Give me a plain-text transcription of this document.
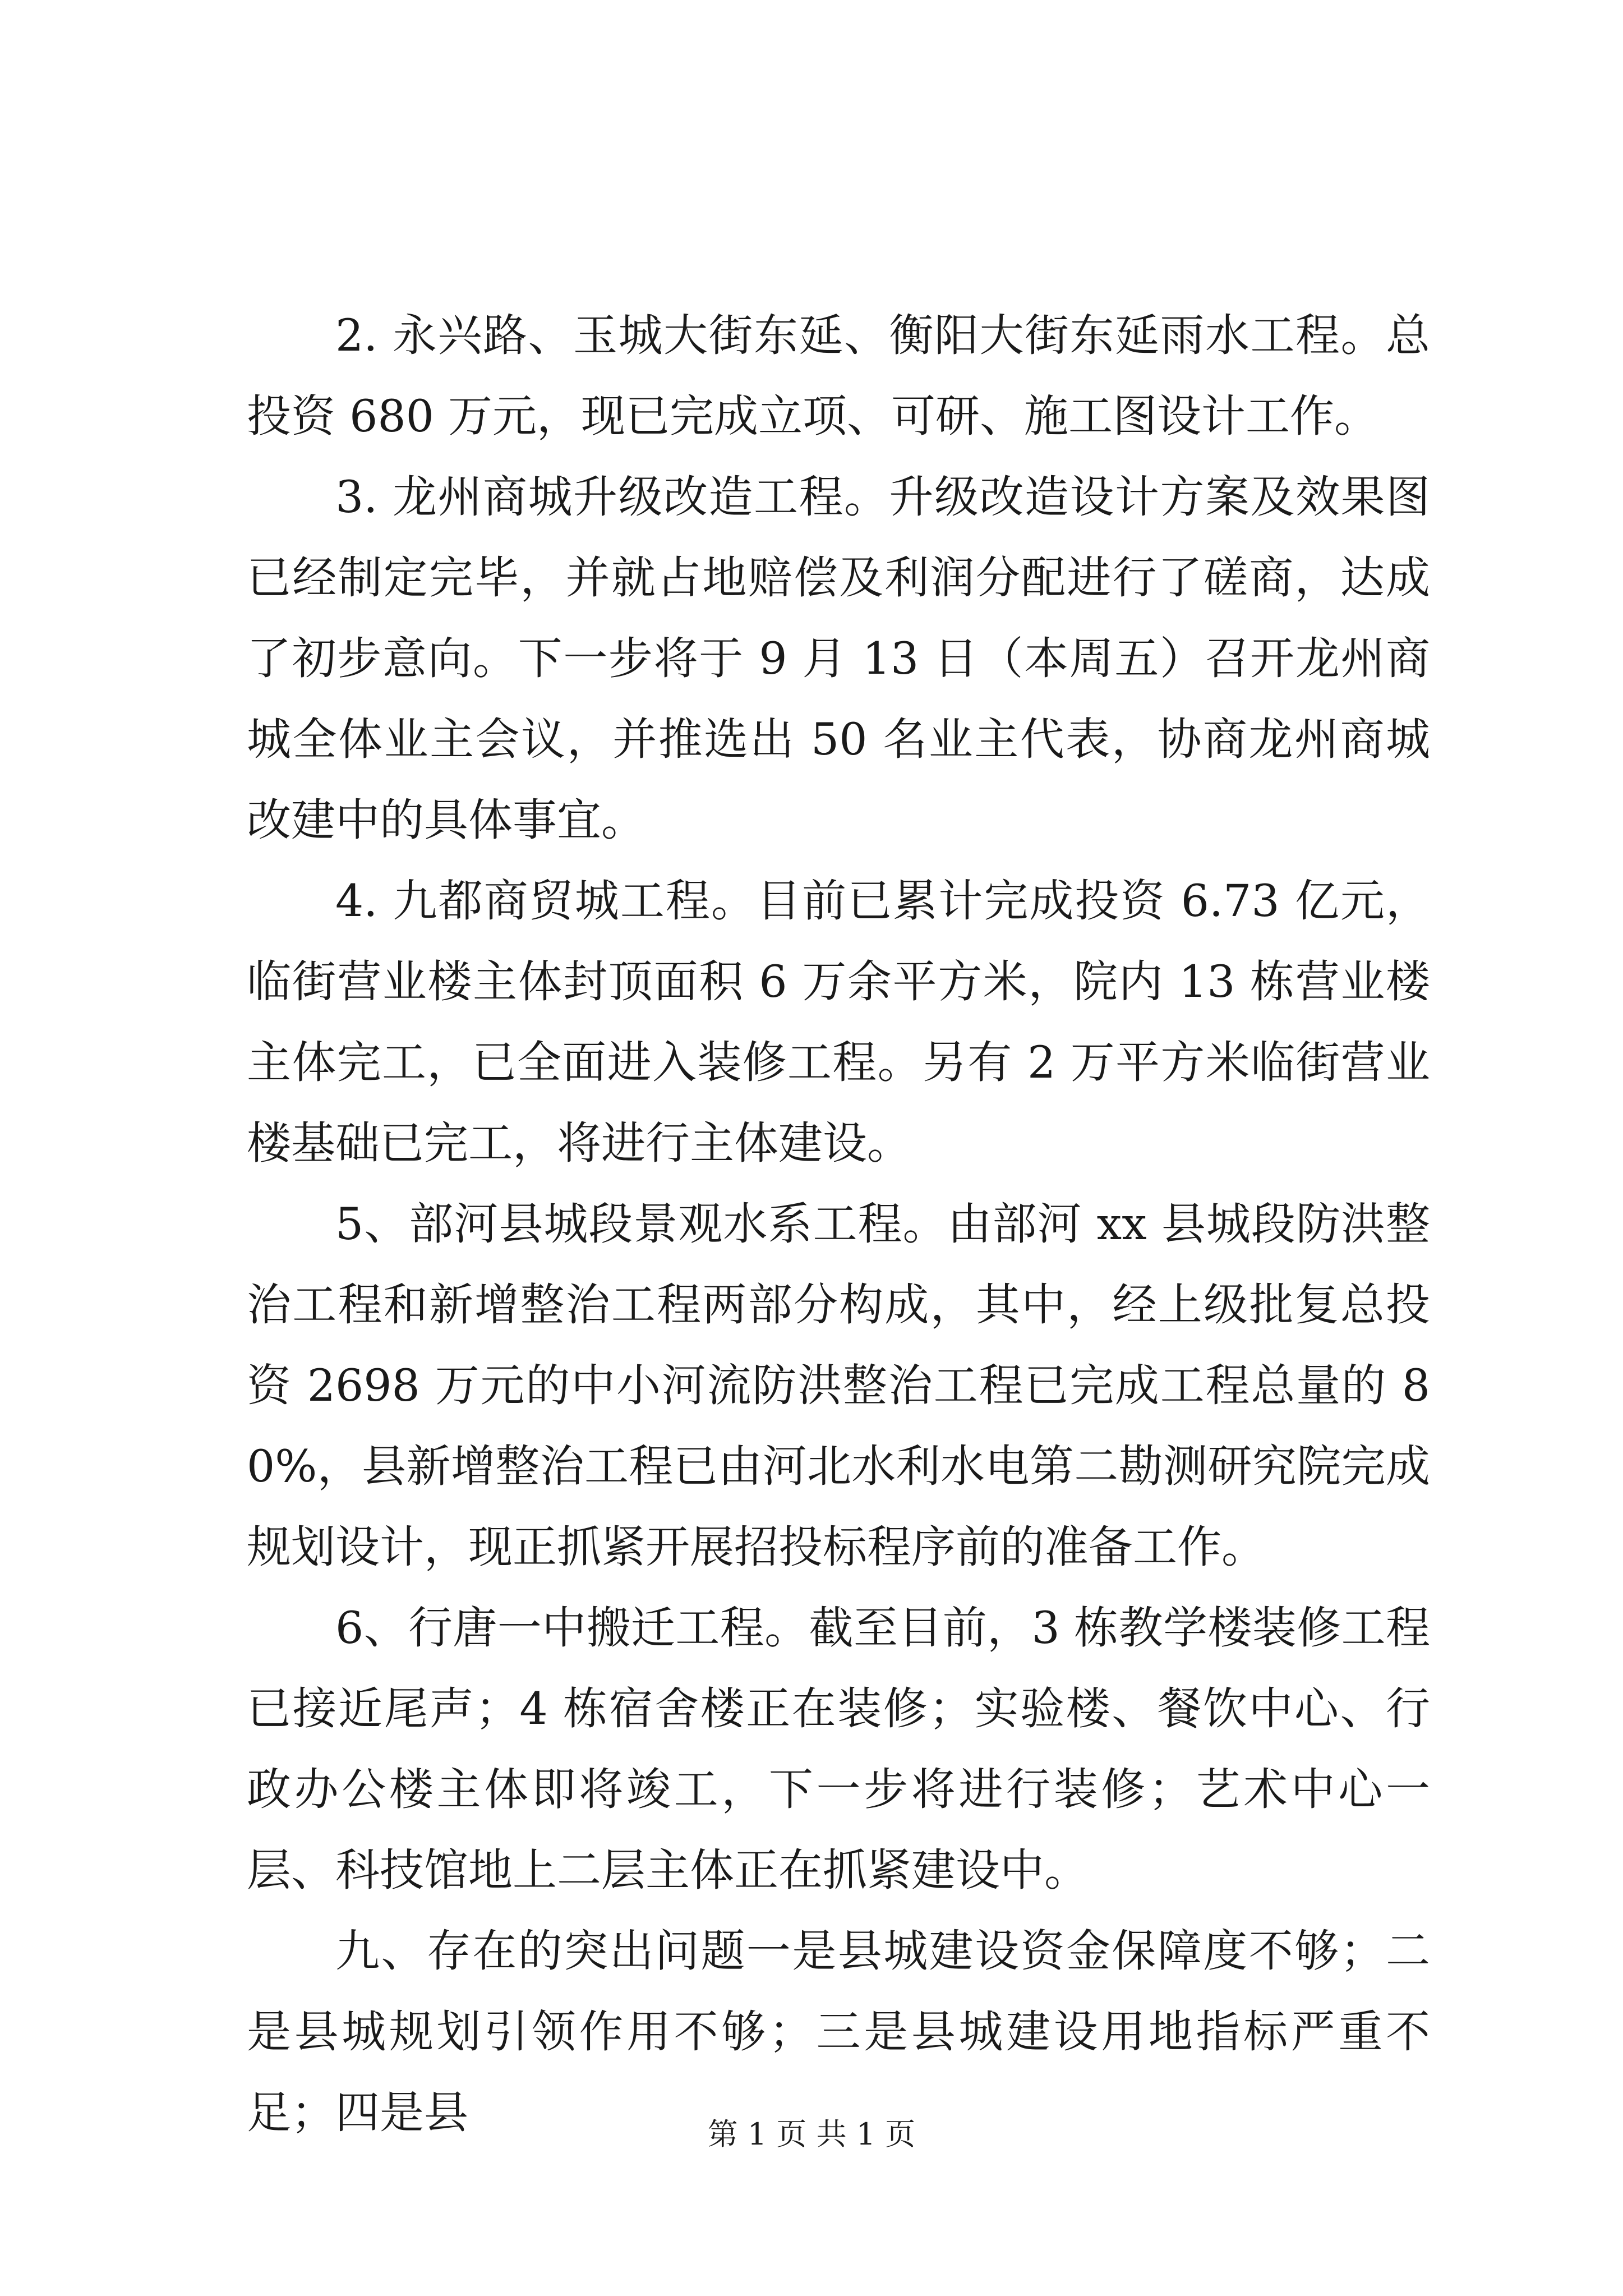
2. 永兴路、玉城大街东延、衡阳大街东延雨水工程。总投资 680 万元，现已完成立项、可研、施工图设计工作。

3. 龙州商城升级改造工程。升级改造设计方案及效果图已经制定完毕，并就占地赔偿及利润分配进行了磋商，达成了初步意向。下一步将于 9 月 13 日（本周五）召开龙州商城全体业主会议，并推选出 50 名业主代表，协商龙州商城改建中的具体事宜。

4. 九都商贸城工程。目前已累计完成投资 6.73 亿元，临街营业楼主体封顶面积 6 万余平方米，院内 13 栋营业楼主体完工，已全面进入装修工程。另有 2 万平方米临街营业楼基础已完工，将进行主体建设。

5、部河县城段景观水系工程。由部河 xx 县城段防洪整治工程和新增整治工程两部分构成，其中，经上级批复总投资 2698 万元的中小河流防洪整治工程已完成工程总量的 80%，县新增整治工程已由河北水利水电第二勘测研究院完成规划设计，现正抓紧开展招投标程序前的准备工作。

6、行唐一中搬迁工程。截至目前，3 栋教学楼装修工程已接近尾声；4 栋宿舍楼正在装修；实验楼、餐饮中心、行政办公楼主体即将竣工，下一步将进行装修；艺术中心一层、科技馆地上二层主体正在抓紧建设中。

九、存在的突出问题一是县城建设资金保障度不够；二是县城规划引领作用不够；三是县城建设用地指标严重不足；四是县	第 1 页 共 1 页
